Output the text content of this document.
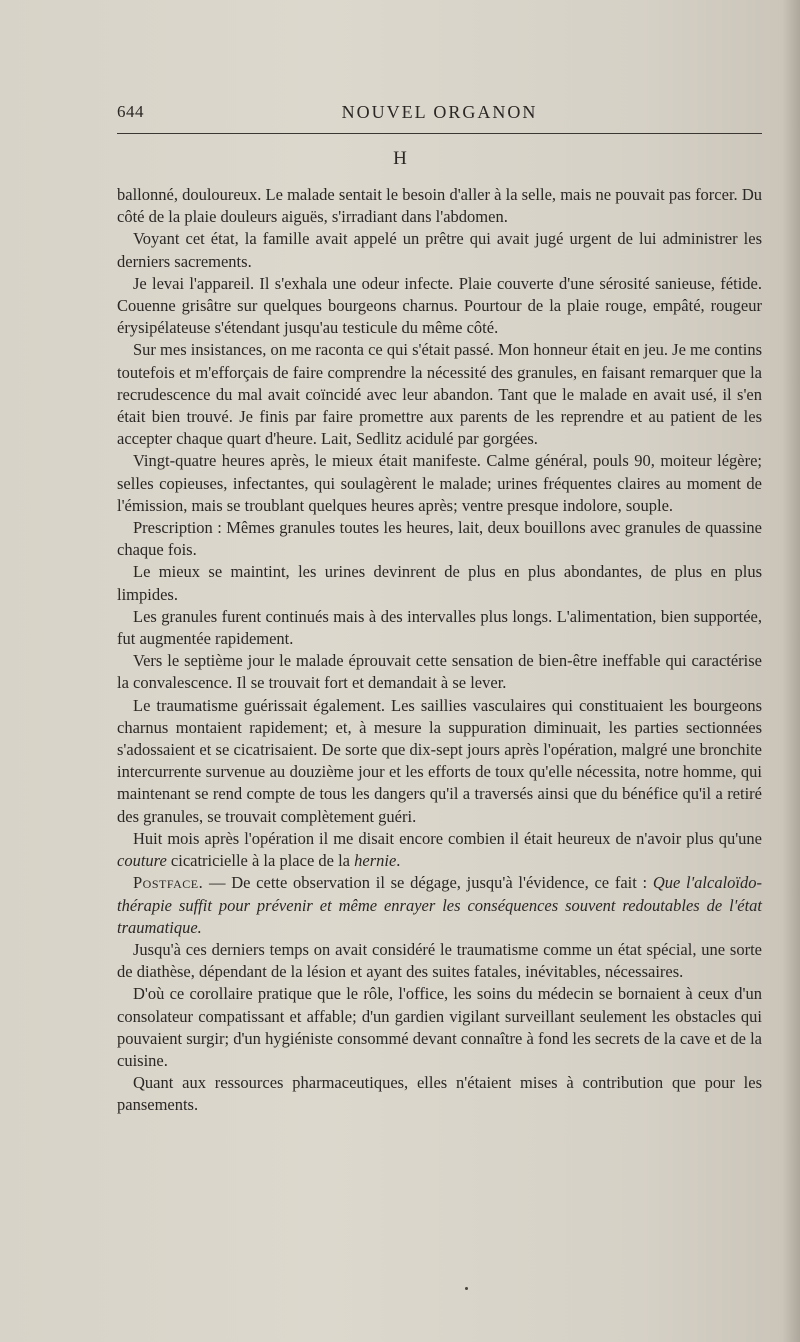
644	NOUVEL ORGANON
H

ballonné, douloureux. Le malade sentait le besoin d'aller à la selle, mais ne pouvait pas forcer. Du côté de la plaie douleurs aiguës, s'irradiant dans l'abdomen.

Voyant cet état, la famille avait appelé un prêtre qui avait jugé urgent de lui administrer les derniers sacrements.

Je levai l'appareil. Il s'exhala une odeur infecte. Plaie couverte d'une sérosité sanieuse, fétide. Couenne grisâtre sur quelques bourgeons charnus. Pourtour de la plaie rouge, empâté, rougeur érysipélateuse s'étendant jusqu'au testicule du même côté.

Sur mes insistances, on me raconta ce qui s'était passé. Mon honneur était en jeu. Je me contins toutefois et m'efforçais de faire comprendre la nécessité des granules, en faisant remarquer que la recrudescence du mal avait coïncidé avec leur abandon. Tant que le malade en avait usé, il s'en était bien trouvé. Je finis par faire promettre aux parents de les reprendre et au patient de les accepter chaque quart d'heure. Lait, Sedlitz acidulé par gorgées.

Vingt-quatre heures après, le mieux était manifeste. Calme général, pouls 90, moiteur légère; selles copieuses, infectantes, qui soulagèrent le malade; urines fréquentes claires au moment de l'émission, mais se troublant quelques heures après; ventre presque indolore, souple.

Prescription : Mêmes granules toutes les heures, lait, deux bouillons avec granules de quassine chaque fois.

Le mieux se maintint, les urines devinrent de plus en plus abondantes, de plus en plus limpides.

Les granules furent continués mais à des intervalles plus longs. L'alimentation, bien supportée, fut augmentée rapidement.

Vers le septième jour le malade éprouvait cette sensation de bien-être ineffable qui caractérise la convalescence. Il se trouvait fort et demandait à se lever.

Le traumatisme guérissait également. Les saillies vasculaires qui constituaient les bourgeons charnus montaient rapidement; et, à mesure la suppuration diminuait, les parties sectionnées s'adossaient et se cicatrisaient. De sorte que dix-sept jours après l'opération, malgré une bronchite intercurrente survenue au douzième jour et les efforts de toux qu'elle nécessita, notre homme, qui maintenant se rend compte de tous les dangers qu'il a traversés ainsi que du bénéfice qu'il a retiré des granules, se trouvait complètement guéri.

Huit mois après l'opération il me disait encore combien il était heureux de n'avoir plus qu'une couture cicatricielle à la place de la hernie.

Postface. — De cette observation il se dégage, jusqu'à l'évidence, ce fait : Que l'alcaloïdo-thérapie suffit pour prévenir et même enrayer les conséquences souvent redoutables de l'état traumatique.

Jusqu'à ces derniers temps on avait considéré le traumatisme comme un état spécial, une sorte de diathèse, dépendant de la lésion et ayant des suites fatales, inévitables, nécessaires.

D'où ce corollaire pratique que le rôle, l'office, les soins du médecin se bornaient à ceux d'un consolateur compatissant et affable; d'un gardien vigilant surveillant seulement les obstacles qui pouvaient surgir; d'un hygiéniste consommé devant connaître à fond les secrets de la cave et de la cuisine.

Quant aux ressources pharmaceutiques, elles n'étaient mises à contribution que pour les pansements.
